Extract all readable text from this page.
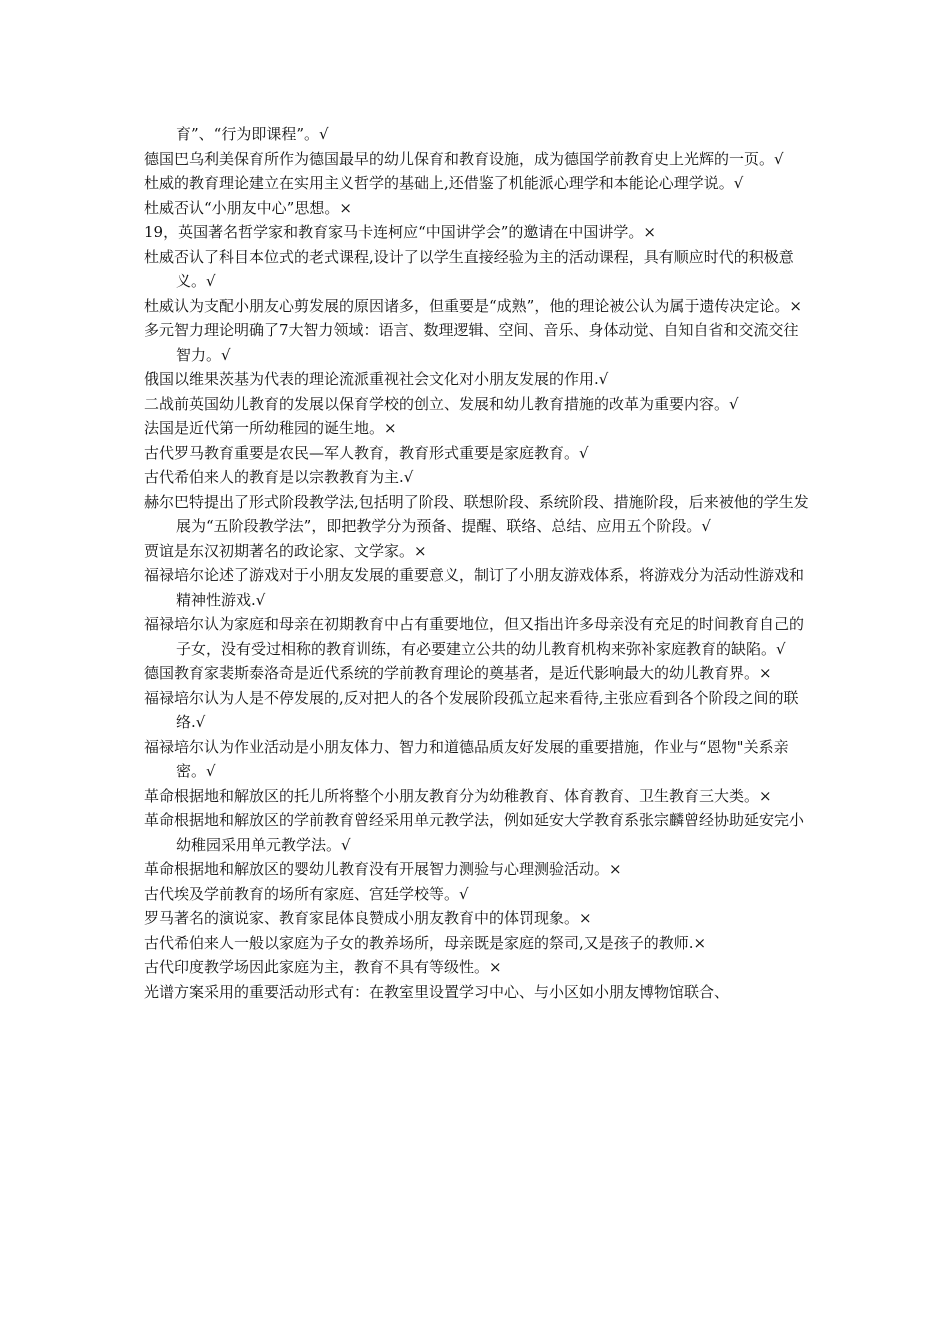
育”、“行为即课程”。√

德国巴乌利美保育所作为德国最早的幼儿保育和教育设施，成为德国学前教育史上光辉的一页。√

杜威的教育理论建立在实用主义哲学的基础上,还借鉴了机能派心理学和本能论心理学说。√

杜威否认“小朋友中心”思想。×

19，英国著名哲学家和教育家马卡连柯应“中国讲学会”的邀请在中国讲学。×

杜威否认了科目本位式的老式课程,设计了以学生直接经验为主的活动课程，具有顺应时代的积极意义。√

杜威认为支配小朋友心剪发展的原因诸多，但重要是“成熟”，他的理论被公认为属于遗传决定论。×

多元智力理论明确了7大智力领域：语言、数理逻辑、空间、音乐、身体动觉、自知自省和交流交往智力。√

俄国以维果茨基为代表的理论流派重视社会文化对小朋友发展的作用.√

二战前英国幼儿教育的发展以保育学校的创立、发展和幼儿教育措施的改革为重要内容。√

法国是近代第一所幼稚园的诞生地。×

古代罗马教育重要是农民—军人教育，教育形式重要是家庭教育。√

古代希伯来人的教育是以宗教教育为主.√

赫尔巴特提出了形式阶段教学法,包括明了阶段、联想阶段、系统阶段、措施阶段，后来被他的学生发展为“五阶段教学法”，即把教学分为预备、提醒、联络、总结、应用五个阶段。√

贾谊是东汉初期著名的政论家、文学家。×

福禄培尔论述了游戏对于小朋友发展的重要意义，制订了小朋友游戏体系，将游戏分为活动性游戏和精神性游戏.√

福禄培尔认为家庭和母亲在初期教育中占有重要地位，但又指出许多母亲没有充足的时间教育自己的子女，没有受过相称的教育训练，有必要建立公共的幼儿教育机构来弥补家庭教育的缺陷。√

德国教育家裴斯泰洛奇是近代系统的学前教育理论的奠基者，是近代影响最大的幼儿教育界。×

福禄培尔认为人是不停发展的,反对把人的各个发展阶段孤立起来看待,主张应看到各个阶段之间的联络.√

福禄培尔认为作业活动是小朋友体力、智力和道德品质友好发展的重要措施，作业与“恩物"关系亲密。√

革命根据地和解放区的托儿所将整个小朋友教育分为幼稚教育、体育教育、卫生教育三大类。×

革命根据地和解放区的学前教育曾经采用单元教学法，例如延安大学教育系张宗麟曾经协助延安完小幼稚园采用单元教学法。√

革命根据地和解放区的婴幼儿教育没有开展智力测验与心理测验活动。×

古代埃及学前教育的场所有家庭、宫廷学校等。√

罗马著名的演说家、教育家昆体良赞成小朋友教育中的体罚现象。×

古代希伯来人一般以家庭为子女的教养场所，母亲既是家庭的祭司,又是孩子的教师.×

古代印度教学场因此家庭为主，教育不具有等级性。×

光谱方案采用的重要活动形式有：在教室里设置学习中心、与小区如小朋友博物馆联合、
